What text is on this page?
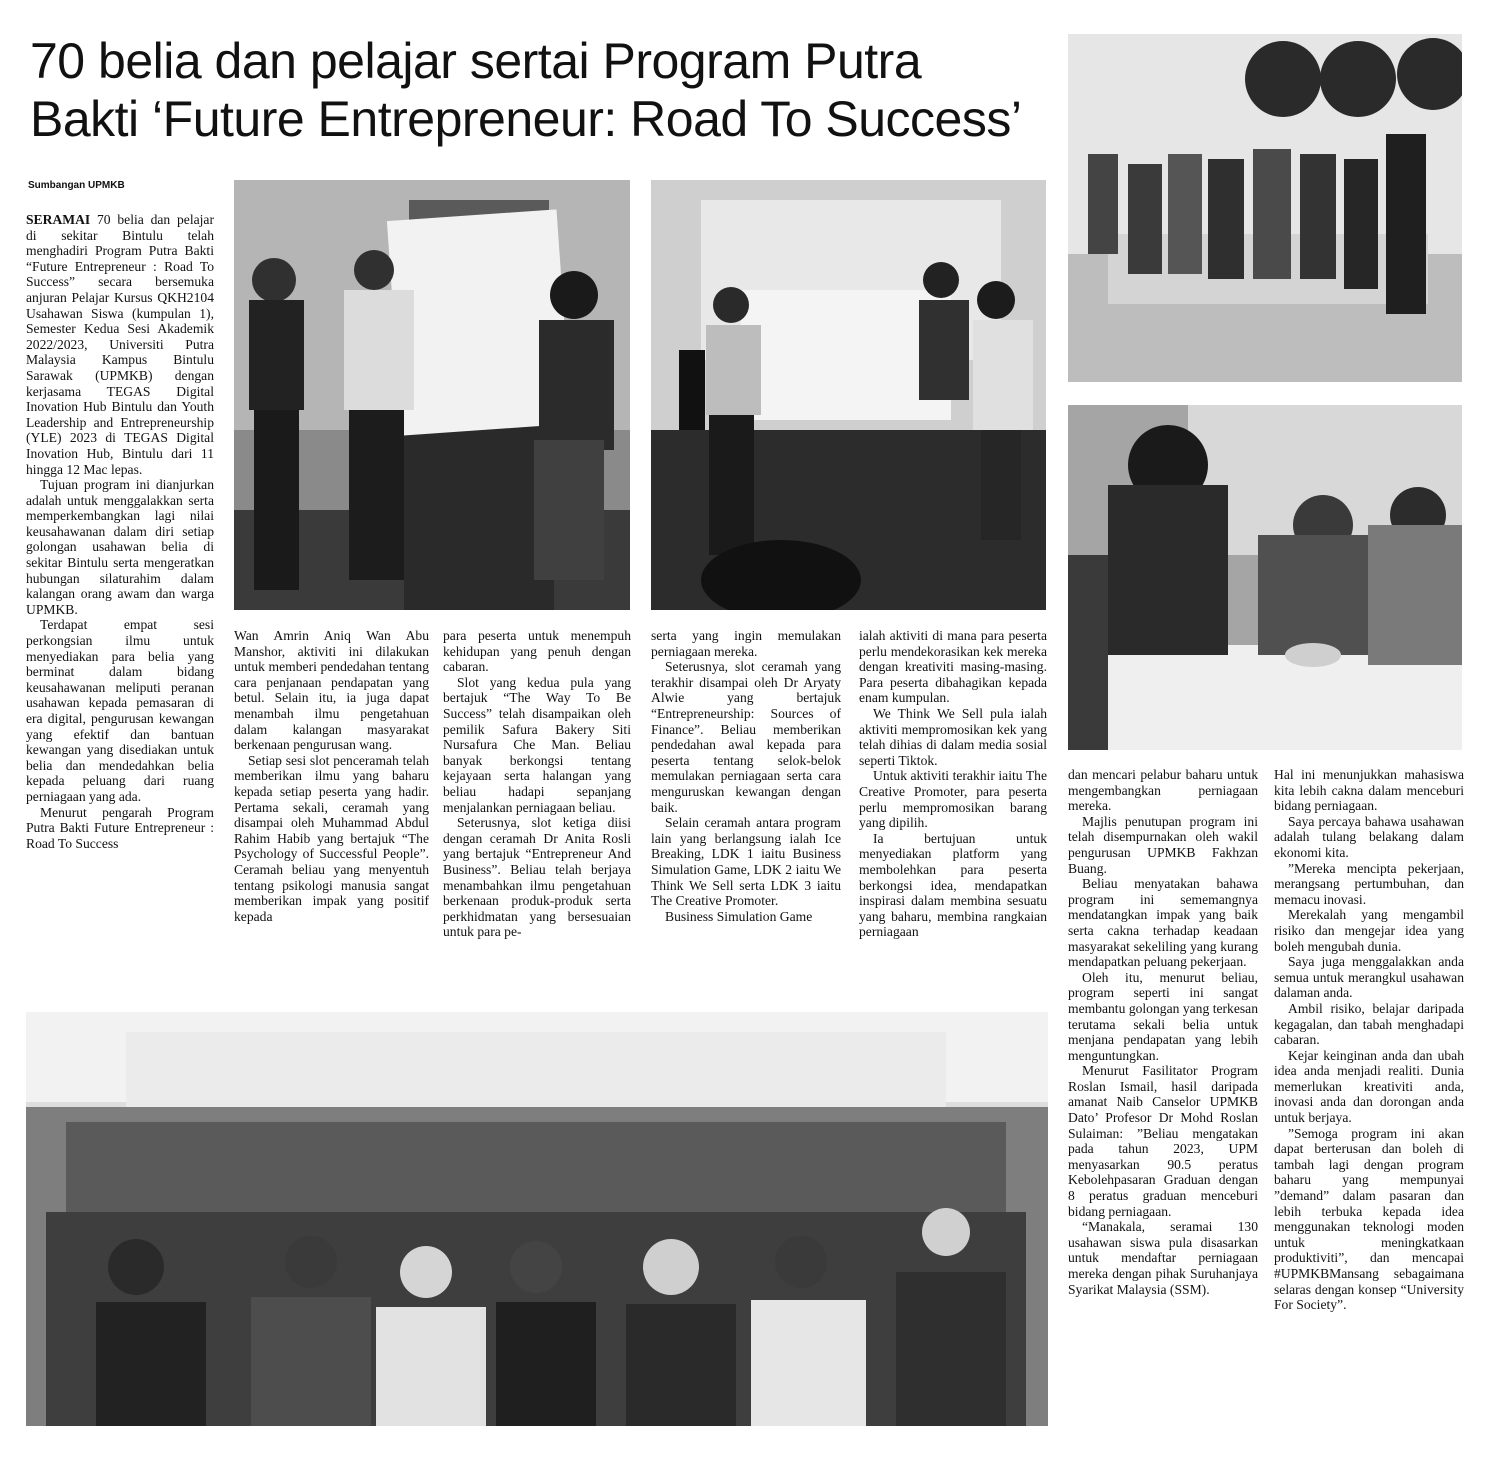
70 belia dan pelajar sertai Program Putra
Bakti ‘Future Entrepreneur: Road To Success’
Sumbangan UPMKB

SERAMAI 70 belia dan pelajar di sekitar Bintulu telah menghadiri Program Putra Bakti “Future Entrepreneur : Road To Success” secara bersemuka anjuran Pelajar Kursus QKH2104 Usahawan Siswa (kumpulan 1), Semester Kedua Sesi Akademik 2022/2023, Universiti Putra Malaysia Kampus Bintulu Sarawak (UPMKB) dengan kerjasama TEGAS Digital Inovation Hub Bintulu dan Youth Leadership and Entrepreneurship (YLE) 2023 di TEGAS Digital Inovation Hub, Bintulu dari 11 hingga 12 Mac lepas.

Tujuan program ini dianjurkan adalah untuk menggalakkan serta memperkembangkan lagi nilai keusahawanan dalam diri setiap golongan usahawan belia di sekitar Bintulu serta mengeratkan hubungan silaturahim dalam kalangan orang awam dan warga UPMKB.

Terdapat empat sesi perkongsian ilmu untuk menyediakan para belia yang berminat dalam bidang keusahawanan meliputi peranan usahawan kepada pemasaran di era digital, pengurusan kewangan yang efektif dan bantuan kewangan yang disediakan untuk belia dan mendedahkan belia kepada peluang dari ruang perniagaan yang ada.

Menurut pengarah Program Putra Bakti Future Entrepreneur : Road To Success

Wan Amrin Aniq Wan Abu Manshor, aktiviti ini dilakukan untuk memberi pendedahan tentang cara penjanaan pendapatan yang betul. Selain itu, ia juga dapat menambah ilmu pengetahuan dalam kalangan masyarakat berkenaan pengurusan wang.

Setiap sesi slot penceramah telah memberikan ilmu yang baharu kepada setiap peserta yang hadir. Pertama sekali, ceramah yang disampai oleh Muhammad Abdul Rahim Habib yang bertajuk “The Psychology of Successful People”. Ceramah beliau yang menyentuh tentang psikologi manusia sangat memberikan impak yang positif kepada

para peserta untuk menempuh kehidupan yang penuh dengan cabaran.

Slot yang kedua pula yang bertajuk “The Way To Be Success” telah disampaikan oleh pemilik Safura Bakery Siti Nursafura Che Man. Beliau banyak berkongsi tentang kejayaan serta halangan yang beliau hadapi sepanjang menjalankan perniagaan beliau.

Seterusnya, slot ketiga diisi dengan ceramah Dr Anita Rosli yang bertajuk “Entrepreneur And Business”. Beliau telah berjaya menambahkan ilmu pengetahuan berkenaan produk-produk serta perkhidmatan yang bersesuaian untuk para pe-

serta yang ingin memulakan perniagaan mereka.

Seterusnya, slot ceramah yang terakhir disampai oleh Dr Aryaty Alwie yang bertajuk “Entrepreneurship: Sources of Finance”. Beliau memberikan pendedahan awal kepada para peserta tentang selok-belok memulakan perniagaan serta cara menguruskan kewangan dengan baik.

Selain ceramah antara program lain yang berlangsung ialah Ice Breaking, LDK 1 iaitu Business Simulation Game, LDK 2 iaitu We Think We Sell serta LDK 3 iaitu The Creative Promoter.

Business Simulation Game

ialah aktiviti di mana para peserta perlu mendekorasikan kek mereka dengan kreativiti masing-masing. Para peserta dibahagikan kepada enam kumpulan.

We Think We Sell pula ialah aktiviti mempromosikan kek yang telah dihias di dalam media sosial seperti Tiktok.

Untuk aktiviti terakhir iaitu The Creative Promoter, para peserta perlu mempromosikan barang yang dipilih.

Ia bertujuan untuk menyediakan platform yang membolehkan para peserta berkongsi idea, mendapatkan inspirasi dalam membina sesuatu yang baharu, membina rangkaian perniagaan

dan mencari pelabur baharu untuk mengembangkan perniagaan mereka.

Majlis penutupan program ini telah disempurnakan oleh wakil pengurusan UPMKB Fakhzan Buang.

Beliau menyatakan bahawa program ini sememangnya mendatangkan impak yang baik serta cakna terhadap keadaan masyarakat sekeliling yang kurang mendapatkan peluang pekerjaan.

Oleh itu, menurut beliau, program seperti ini sangat membantu golongan yang terkesan terutama sekali belia untuk menjana pendapatan yang lebih menguntungkan.

Menurut Fasilitator Program Roslan Ismail, hasil daripada amanat Naib Canselor UPMKB Dato’ Profesor Dr Mohd Roslan Sulaiman: ”Beliau mengatakan pada tahun 2023, UPM menyasarkan 90.5 peratus Kebolehpasaran Graduan dengan 8 peratus graduan menceburi bidang perniagaan.

“Manakala, seramai 130 usahawan siswa pula disasarkan untuk mendaftar perniagaan mereka dengan pihak Suruhanjaya Syarikat Malaysia (SSM).

Hal ini menunjukkan mahasiswa kita lebih cakna dalam menceburi bidang perniagaan.

Saya percaya bahawa usahawan adalah tulang belakang dalam ekonomi kita.

”Mereka mencipta pekerjaan, merangsang pertumbuhan, dan memacu inovasi.

Merekalah yang mengambil risiko dan mengejar idea yang boleh mengubah dunia.

Saya juga menggalakkan anda semua untuk merangkul usahawan dalaman anda.

Ambil risiko, belajar daripada kegagalan, dan tabah menghadapi cabaran.

Kejar keinginan anda dan ubah idea anda menjadi realiti. Dunia memerlukan kreativiti anda, inovasi anda dan dorongan anda untuk berjaya.

”Semoga program ini akan dapat berterusan dan boleh di tambah lagi dengan program baharu yang mempunyai ”demand” dalam pasaran dan lebih terbuka kepada idea menggunakan teknologi moden untuk meningkatkaan produktiviti”, dan mencapai #UPMKBMansang sebagaimana selaras dengan konsep “University For Society”.
